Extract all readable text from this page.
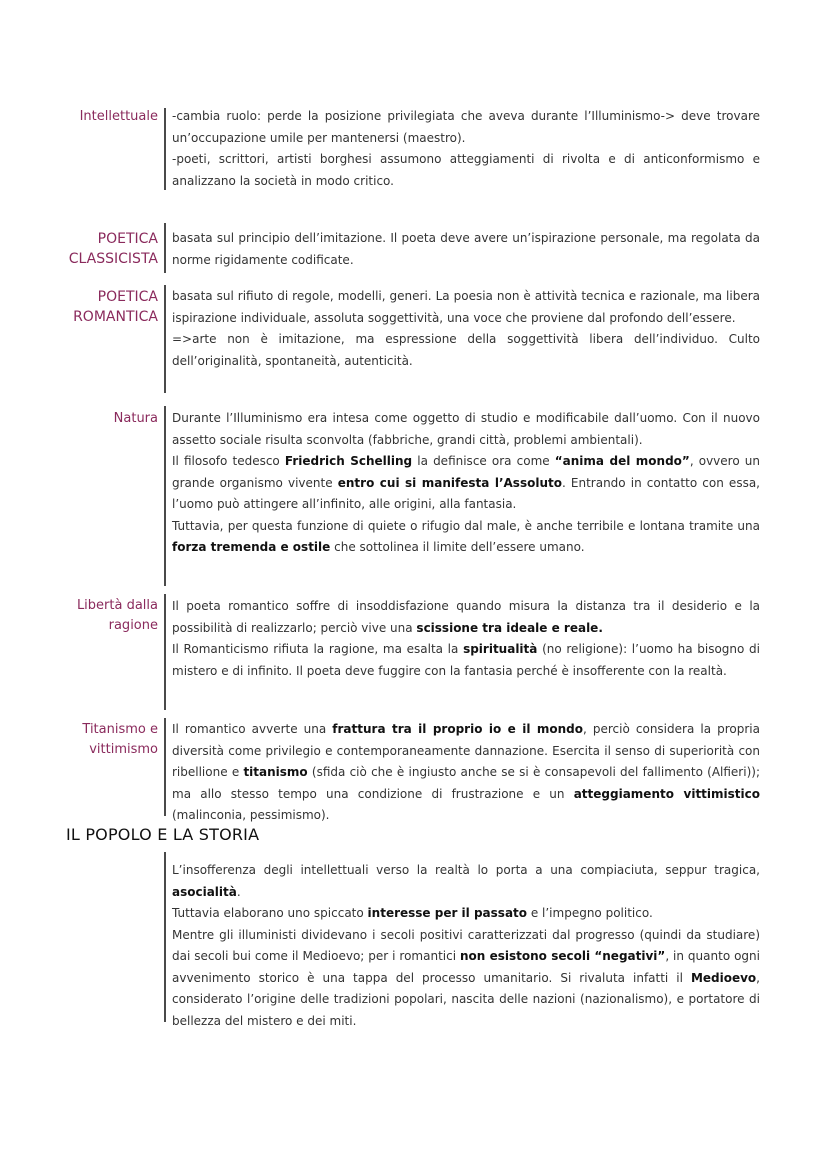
Intellettuale -cambia ruolo: perde la posizione privilegiata che aveva durante l’Illuminismo-> deve trovare un’occupazione umile per mantenersi (maestro).

-poeti, scrittori, artisti borghesi assumono atteggiamenti di rivolta e di anticonformismo e analizzano la società in modo critico.

POETICA
CLASSICISTA

basata sul principio dell’imitazione. Il poeta deve avere un’ispirazione personale, ma regolata da norme rigidamente codificate.

POETICA
ROMANTICA

basata sul rifiuto di regole, modelli, generi. La poesia non è attività tecnica e razionale, ma libera ispirazione individuale, assoluta soggettività, una voce che proviene dal profondo dell’essere.

=>arte non è imitazione, ma espressione della soggettività libera dell’individuo. Culto dell’originalità, spontaneità, autenticità.

Natura Durante l’Illuminismo era intesa come oggetto di studio e modificabile dall’uomo. Con il nuovo assetto sociale risulta sconvolta (fabbriche, grandi città, problemi ambientali).

Il filosofo tedesco Friedrich Schelling la definisce ora come “anima del mondo”, ovvero un grande organismo vivente entro cui si manifesta l’Assoluto. Entrando in contatto con essa, l’uomo può attingere all’infinito, alle origini, alla fantasia.

Tuttavia, per questa funzione di quiete o rifugio dal male, è anche terribile e lontana tramite una forza tremenda e ostile che sottolinea il limite dell’essere umano.

Libertà dalla
ragione

Il poeta romantico soffre di insoddisfazione quando misura la distanza tra il desiderio e la possibilità di realizzarlo; perciò vive una scissione tra ideale e reale.

Il Romanticismo rifiuta la ragione, ma esalta la spiritualità (no religione): l’uomo ha bisogno di mistero e di infinito. Il poeta deve fuggire con la fantasia perché è insofferente con la realtà.

Titanismo e
vittimismo

Il romantico avverte una frattura tra il proprio io e il mondo, perciò considera la propria diversità come privilegio e contemporaneamente dannazione. Esercita il senso di superiorità con ribellione e titanismo (sfida ciò che è ingiusto anche se si è consapevoli del fallimento (Alfieri)); ma allo stesso tempo una condizione di frustrazione e un atteggiamento vittimistico (malinconia, pessimismo).

IL POPOLO E LA STORIA

L’insofferenza degli intellettuali verso la realtà lo porta a una compiaciuta, seppur tragica, asocialità.

Tuttavia elaborano uno spiccato interesse per il passato e l’impegno politico.

Mentre gli illuministi dividevano i secoli positivi caratterizzati dal progresso (quindi da studiare) dai secoli bui come il Medioevo; per i romantici non esistono secoli “negativi”, in quanto ogni avvenimento storico è una tappa del processo umanitario. Si rivaluta infatti il Medioevo, considerato l’origine delle tradizioni popolari, nascita delle nazioni (nazionalismo), e portatore di bellezza del mistero e dei miti.
